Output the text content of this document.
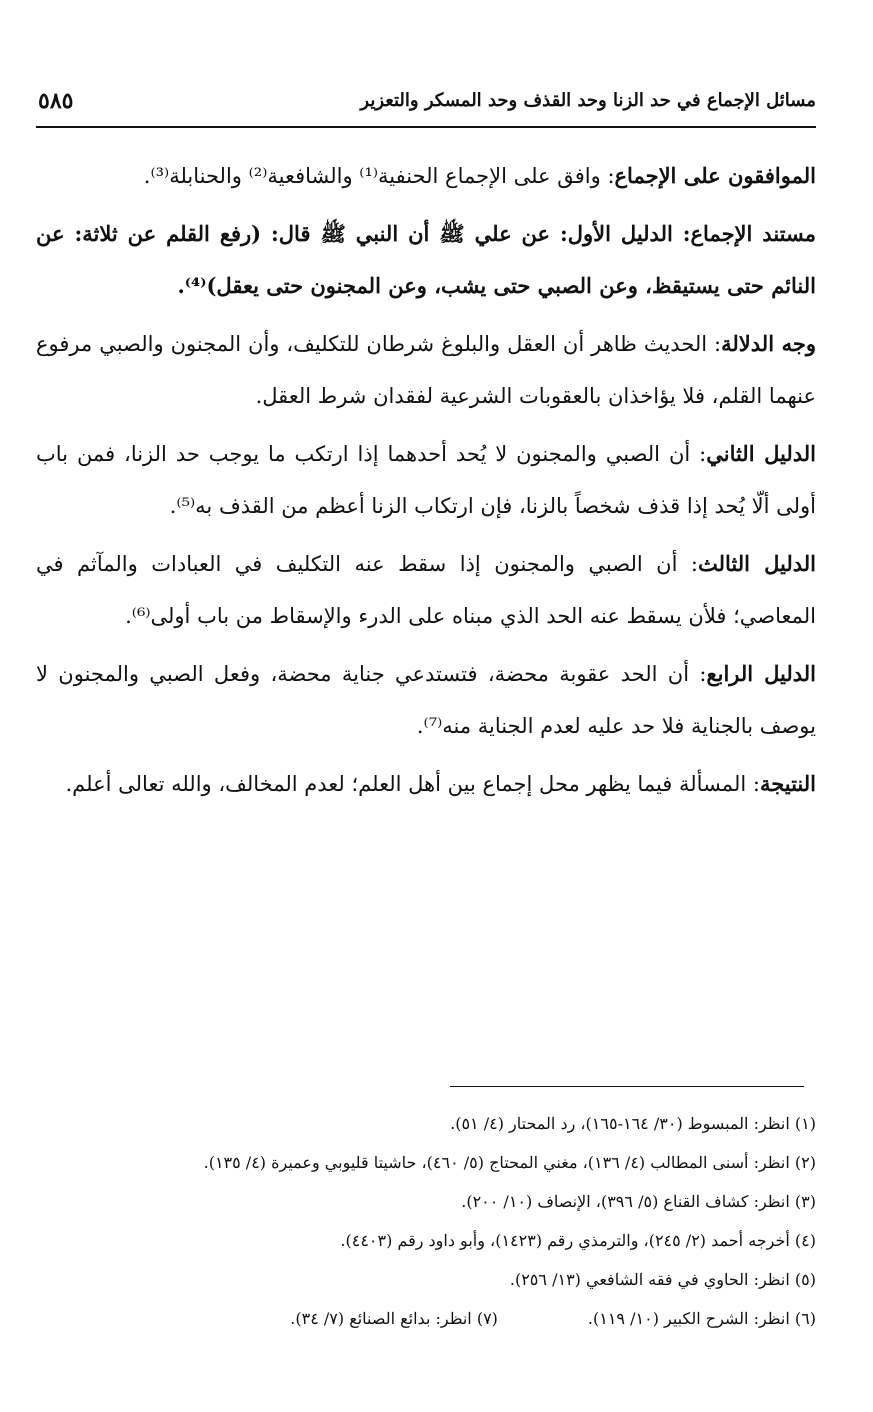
مسائل الإجماع في حد الزنا وحد القذف وحد المسكر والتعزير
٥٨٥

الموافقون على الإجماع: وافق على الإجماع الحنفية⁽¹⁾ والشافعية⁽²⁾ والحنابلة⁽³⁾.

مستند الإجماع: الدليل الأول: عن علي ﷺ أن النبي ﷺ قال: (رفع القلم عن ثلاثة: عن النائم حتى يستيقظ، وعن الصبي حتى يشب، وعن المجنون حتى يعقل)⁽⁴⁾.

وجه الدلالة: الحديث ظاهر أن العقل والبلوغ شرطان للتكليف، وأن المجنون والصبي مرفوع عنهما القلم، فلا يؤاخذان بالعقوبات الشرعية لفقدان شرط العقل.

الدليل الثاني: أن الصبي والمجنون لا يُحد أحدهما إذا ارتكب ما يوجب حد الزنا، فمن باب أولى ألّا يُحد إذا قذف شخصاً بالزنا، فإن ارتكاب الزنا أعظم من القذف به⁽⁵⁾.

الدليل الثالث: أن الصبي والمجنون إذا سقط عنه التكليف في العبادات والمآثم في المعاصي؛ فلأن يسقط عنه الحد الذي مبناه على الدرء والإسقاط من باب أولى⁽⁶⁾.

الدليل الرابع: أن الحد عقوبة محضة، فتستدعي جناية محضة، وفعل الصبي والمجنون لا يوصف بالجناية فلا حد عليه لعدم الجناية منه⁽⁷⁾.

النتيجة: المسألة فيما يظهر محل إجماع بين أهل العلم؛ لعدم المخالف، والله تعالى أعلم.

(١) انظر: المبسوط (٣٠/ ١٦٤-١٦٥)، رد المحتار (٤/ ٥١).
(٢) انظر: أسنى المطالب (٤/ ١٣٦)، مغني المحتاج (٥/ ٤٦٠)، حاشيتا قليوبي وعميرة (٤/ ١٣٥).
(٣) انظر: كشاف القناع (٥/ ٣٩٦)، الإنصاف (١٠/ ٢٠٠).
(٤) أخرجه أحمد (٢/ ٢٤٥)، والترمذي رقم (١٤٢٣)، وأبو داود رقم (٤٤٠٣).
(٥) انظر: الحاوي في فقه الشافعي (١٣/ ٢٥٦).
(٦) انظر: الشرح الكبير (١٠/ ١١٩).
(٧) انظر: بدائع الصنائع (٧/ ٣٤).
